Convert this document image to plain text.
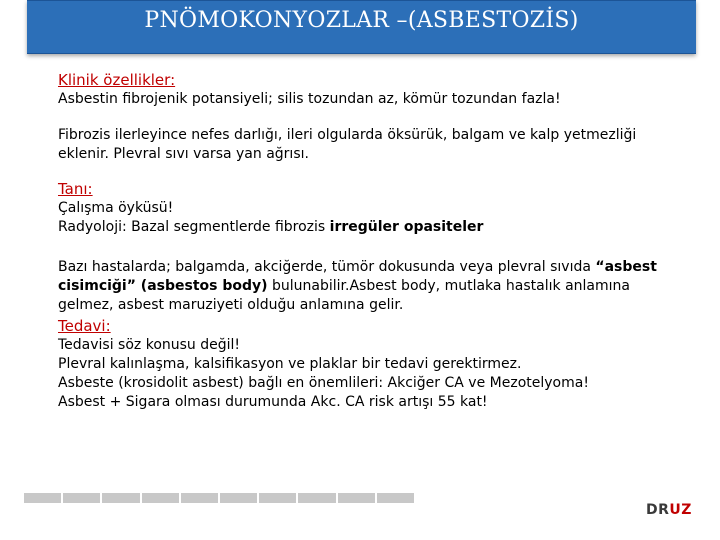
PNÖMOKONYOZLAR –(ASBESTOZİS)
Klinik özellikler:
Asbestin fibrojenik potansiyeli; silis tozundan az, kömür tozundan fazla!
Fibrozis ilerleyince nefes darlığı, ileri olgularda öksürük, balgam ve kalp yetmezliği
eklenir. Plevral sıvı varsa yan ağrısı.
Tanı:
Çalışma öyküsü!
Radyoloji: Bazal segmentlerde fibrozis irregüler opasiteler
Bazı hastalarda; balgamda, akciğerde, tümör dokusunda veya plevral sıvıda “asbest
cisimciği” (asbestos body) bulunabilir.Asbest body, mutlaka hastalık anlamına
gelmez, asbest maruziyeti olduğu anlamına gelir.
Tedavi:
Tedavisi söz konusu değil!
Plevral kalınlaşma, kalsifikasyon ve plaklar bir tedavi gerektirmez.
Asbeste (krosidolit asbest) bağlı en önemlileri: Akciğer CA ve Mezotelyoma!
Asbest + Sigara olması durumunda Akc. CA risk artışı 55 kat!
DRUZ
